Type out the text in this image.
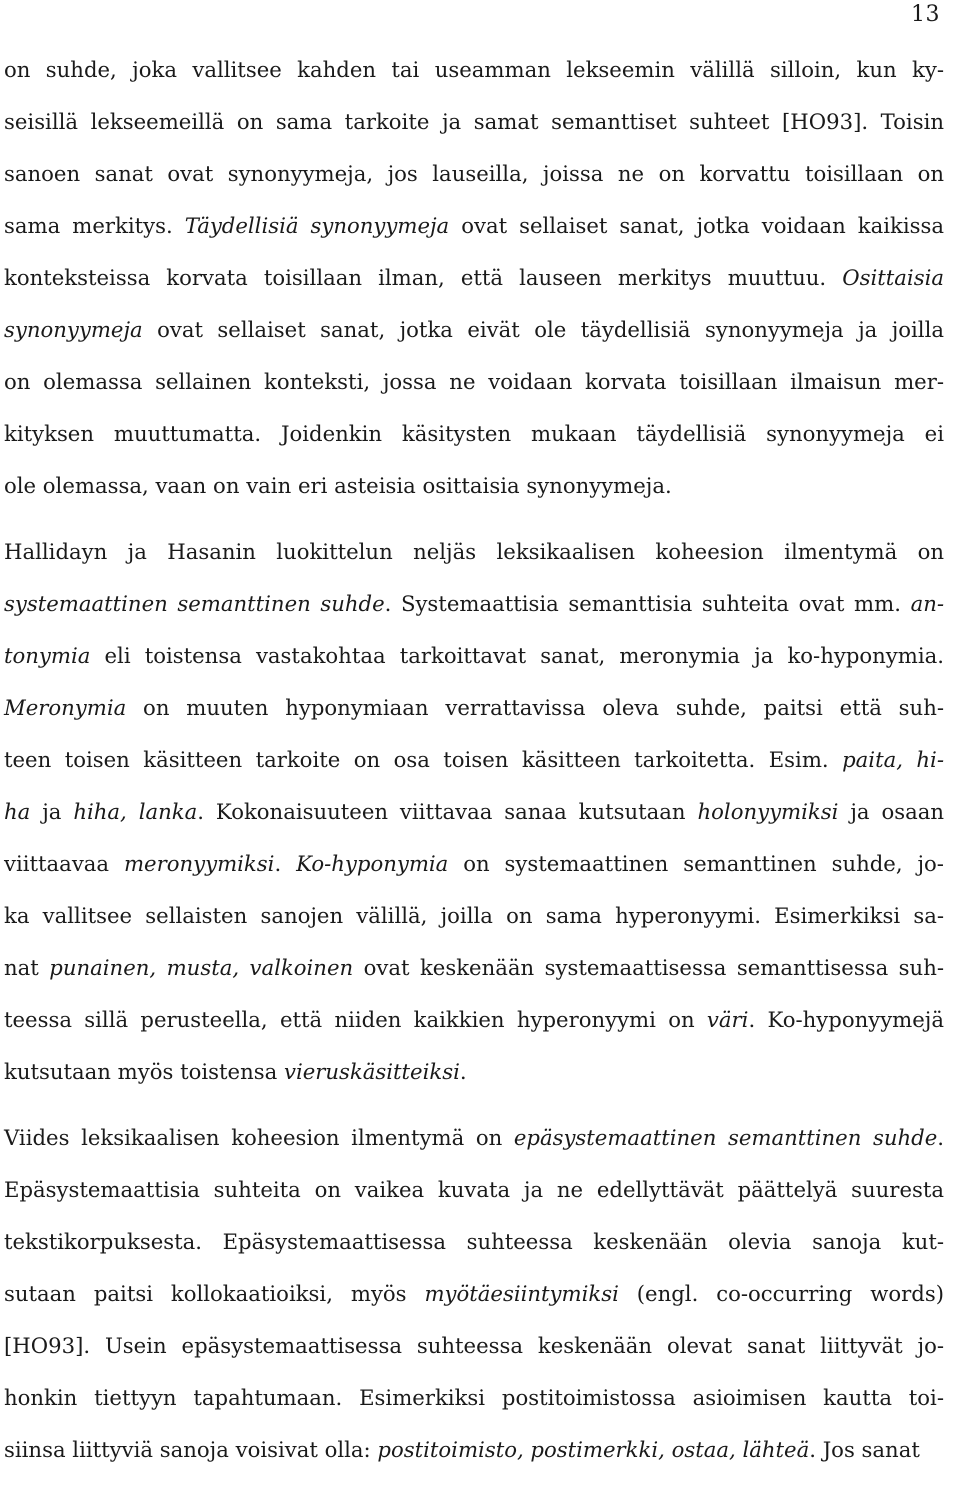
13
on suhde, joka vallitsee kahden tai useamman lekseemin välillä silloin, kun ky-
seisillä lekseemeillä on sama tarkoite ja samat semanttiset suhteet [HO93]. Toisin
sanoen sanat ovat synonyymeja, jos lauseilla, joissa ne on korvattu toisillaan on
sama merkitys. Täydellisiä synonyymeja ovat sellaiset sanat, jotka voidaan kaikissa
konteksteissa korvata toisillaan ilman, että lauseen merkitys muuttuu. Osittaisia
synonyymeja ovat sellaiset sanat, jotka eivät ole täydellisiä synonyymeja ja joilla
on olemassa sellainen konteksti, jossa ne voidaan korvata toisillaan ilmaisun mer-
kityksen muuttumatta. Joidenkin käsitysten mukaan täydellisiä synonyymeja ei
ole olemassa, vaan on vain eri asteisia osittaisia synonyymeja.
Hallidayn ja Hasanin luokittelun neljäs leksikaalisen koheesion ilmentymä on
systemaattinen semanttinen suhde. Systemaattisia semanttisia suhteita ovat mm. an-
tonymia eli toistensa vastakohtaa tarkoittavat sanat, meronymia ja ko-hyponymia.
Meronymia on muuten hyponymiaan verrattavissa oleva suhde, paitsi että suh-
teen toisen käsitteen tarkoite on osa toisen käsitteen tarkoitetta. Esim. paita, hi-
ha ja hiha, lanka. Kokonaisuuteen viittavaa sanaa kutsutaan holonyymiksi ja osaan
viittaavaa meronyymiksi. Ko-hyponymia on systemaattinen semanttinen suhde, jo-
ka vallitsee sellaisten sanojen välillä, joilla on sama hyperonyymi. Esimerkiksi sa-
nat punainen, musta, valkoinen ovat keskenään systemaattisessa semanttisessa suh-
teessa sillä perusteella, että niiden kaikkien hyperonyymi on väri. Ko-hyponyymejä
kutsutaan myös toistensa vieruskäsitteiksi.
Viides leksikaalisen koheesion ilmentymä on epäsystemaattinen semanttinen suhde.
Epäsystemaattisia suhteita on vaikea kuvata ja ne edellyttävät päättelyä suuresta
tekstikorpuksesta. Epäsystemaattisessa suhteessa keskenään olevia sanoja kut-
sutaan paitsi kollokaatioiksi, myös myötäesiintymiksi (engl. co-occurring words)
[HO93]. Usein epäsystemaattisessa suhteessa keskenään olevat sanat liittyvät jo-
honkin tiettyyn tapahtumaan. Esimerkiksi postitoimistossa asioimisen kautta toi-
siinsa liittyviä sanoja voisivat olla: postitoimisto, postimerkki, ostaa, lähteä. Jos sanat
